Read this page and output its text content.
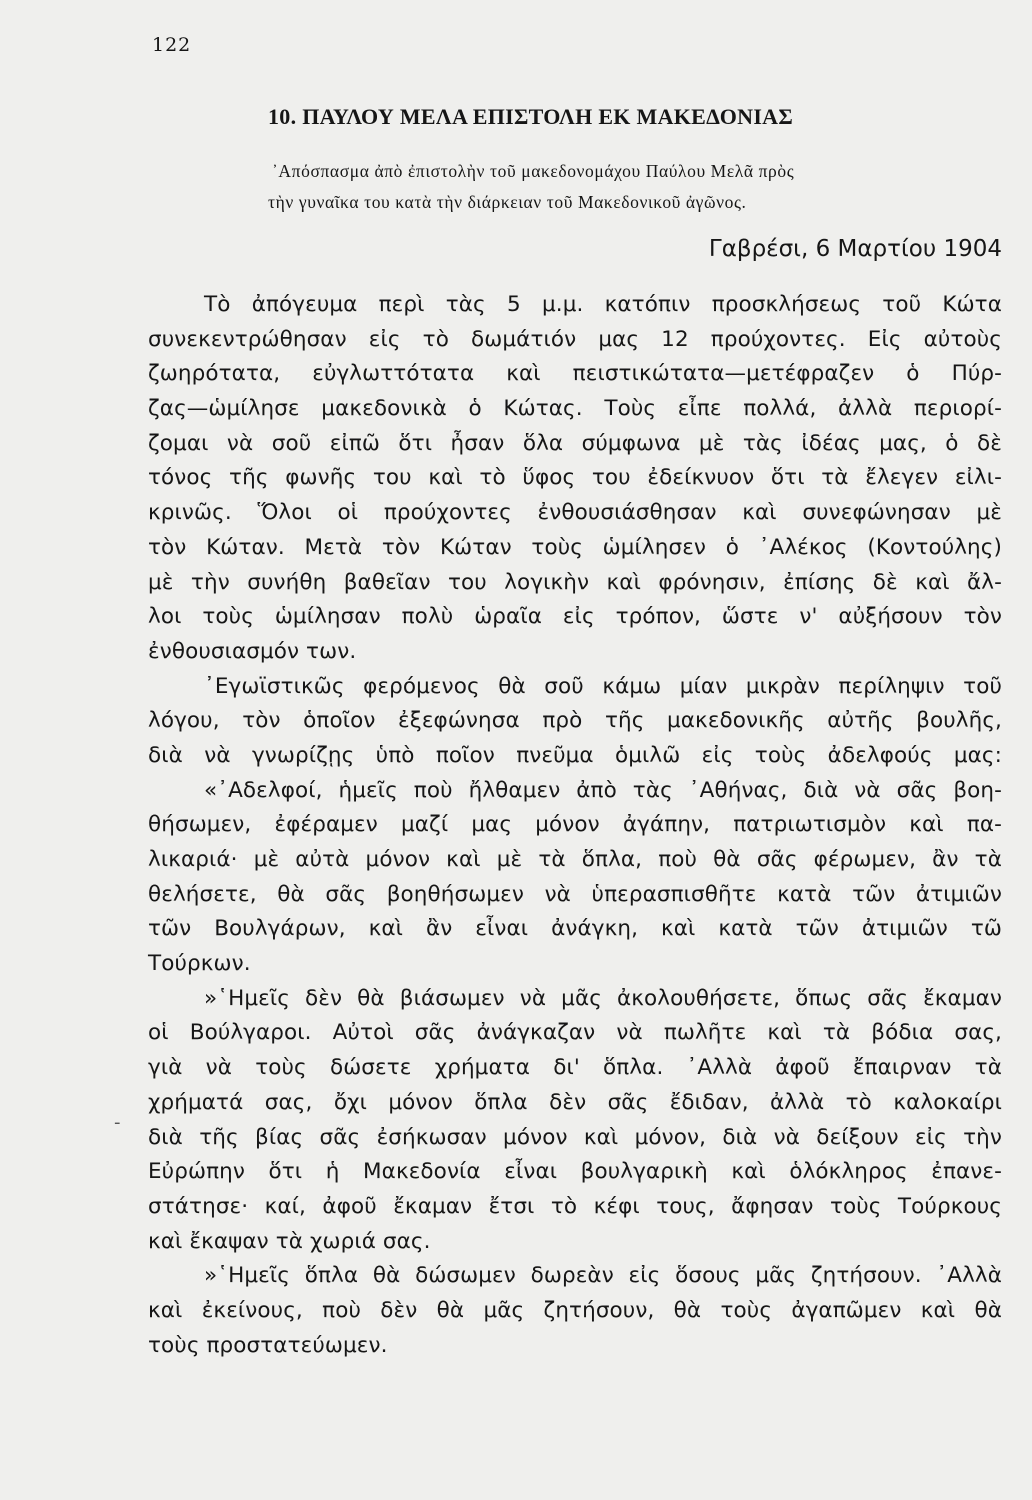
122
10. ΠΑΥΛΟΥ ΜΕΛΑ ΕΠΙΣΤΟΛΗ ΕΚ ΜΑΚΕΔΟΝΙΑΣ
᾿Απόσπασμα ἀπὸ ἐπιστολὴν τοῦ μακεδονομάχου Παύλου Μελᾶ πρὸς
τὴν γυναῖκα του κατὰ τὴν διάρκειαν τοῦ Μακεδονικοῦ ἀγῶνος.
Γαβρέσι, 6 Μαρτίου 1904
-
Τὸ ἀπόγευμα περὶ τὰς 5 μ.μ. κατόπιν προσκλήσεως τοῦ Κώτα
συνεκεντρώθησαν εἰς τὸ δωμάτιόν μας 12 προύχοντες. Εἰς αὐτοὺς
ζωηρότατα, εὐγλωττότατα καὶ πειστικώτατα—μετέφραζεν ὁ Πύρ-
ζας—ὡμίλησε μακεδονικὰ ὁ Κώτας. Τοὺς εἶπε πολλά, ἀλλὰ περιορί-
ζομαι νὰ σοῦ εἰπῶ ὅτι ἦσαν ὅλα σύμφωνα μὲ τὰς ἰδέας μας, ὁ δὲ
τόνος τῆς φωνῆς του καὶ τὸ ὕφος του ἐδείκνυον ὅτι τὰ ἔλεγεν εἰλι-
κρινῶς. Ὅλοι οἱ προύχοντες ἐνθουσιάσθησαν καὶ συνεφώνησαν μὲ
τὸν Κώταν. Μετὰ τὸν Κώταν τοὺς ὡμίλησεν ὁ ᾿Αλέκος (Κοντούλης)
μὲ τὴν συνήθη βαθεῖαν του λογικὴν καὶ φρόνησιν, ἐπίσης δὲ καὶ ἄλ-
λοι τοὺς ὡμίλησαν πολὺ ὡραῖα εἰς τρόπον, ὥστε ν' αὐξήσουν τὸν
ἐνθουσιασμόν των.
᾿Εγωϊστικῶς φερόμενος θὰ σοῦ κάμω μίαν μικρὰν περίληψιν τοῦ
λόγου, τὸν ὁποῖον ἐξεφώνησα πρὸ τῆς μακεδονικῆς αὐτῆς βουλῆς,
διὰ νὰ γνωρίζῃς ὑπὸ ποῖον πνεῦμα ὁμιλῶ εἰς τοὺς ἀδελφούς μας:
«᾿Αδελφοί, ἡμεῖς ποὺ ἤλθαμεν ἀπὸ τὰς ᾿Αθήνας, διὰ νὰ σᾶς βοη-
θήσωμεν, ἐφέραμεν μαζί μας μόνον ἀγάπην, πατριωτισμὸν καὶ πα-
λικαριά· μὲ αὐτὰ μόνον καὶ μὲ τὰ ὅπλα, ποὺ θὰ σᾶς φέρωμεν, ἂν τὰ
θελήσετε, θὰ σᾶς βοηθήσωμεν νὰ ὑπερασπισθῆτε κατὰ τῶν ἀτιμιῶν
τῶν Βουλγάρων, καὶ ἂν εἶναι ἀνάγκη, καὶ κατὰ τῶν ἀτιμιῶν τῶ
Τούρκων.
»῾Ημεῖς δὲν θὰ βιάσωμεν νὰ μᾶς ἀκολουθήσετε, ὅπως σᾶς ἔκαμαν
οἱ Βούλγαροι. Αὐτοὶ σᾶς ἀνάγκαζαν νὰ πωλῆτε καὶ τὰ βόδια σας,
γιὰ νὰ τοὺς δώσετε χρήματα δι' ὅπλα. ᾿Αλλὰ ἀφοῦ ἔπαιρναν τὰ
χρήματά σας, ὄχι μόνον ὅπλα δὲν σᾶς ἔδιδαν, ἀλλὰ τὸ καλοκαίρι
διὰ τῆς βίας σᾶς ἐσήκωσαν μόνον καὶ μόνον, διὰ νὰ δείξουν εἰς τὴν
Εὐρώπην ὅτι ἡ Μακεδονία εἶναι βουλγαρικὴ καὶ ὁλόκληρος ἐπανε-
στάτησε· καί, ἀφοῦ ἔκαμαν ἔτσι τὸ κέφι τους, ἄφησαν τοὺς Τούρκους
καὶ ἔκαψαν τὰ χωριά σας.
»῾Ημεῖς ὅπλα θὰ δώσωμεν δωρεὰν εἰς ὅσους μᾶς ζητήσουν. ᾿Αλλὰ
καὶ ἐκείνους, ποὺ δὲν θὰ μᾶς ζητήσουν, θὰ τοὺς ἀγαπῶμεν καὶ θὰ
τοὺς προστατεύωμεν.
